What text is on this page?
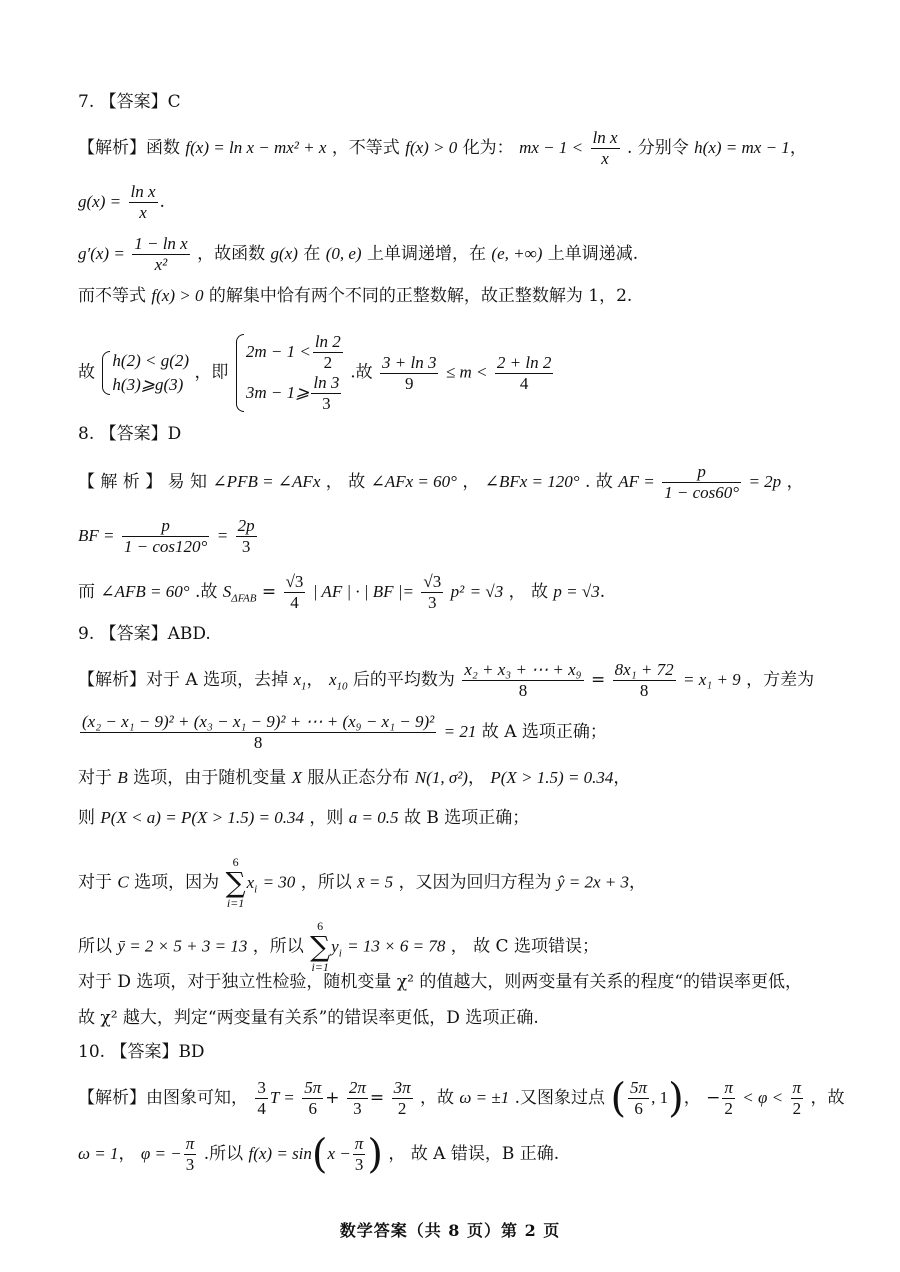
7. 【答案】C
【解析】函数 f(x) = ln x − mx² + x ，不等式 f(x) > 0 化为： mx − $1 < \frac{\text{ln x}}{x}$ . 分别令 h(x) = mx − 1，
$g(x) = \frac{\text{ln x}}{x}$ .
$g'(x) = \frac{\text{1 − ln x}}{\text{x²}}$ ，故函数 g(x) 在 (0, e) 上单调递增，在 (e, +∞) 上单调递减.
而不等式 f(x) > 0 的解集中恰有两个不同的正整数解，故正整数解为 1，2.
故
h(2) < g(2)
h(3)⩾g(3)
，即
$2m - 1 < \frac{\ln 2}{2}$
3m − 1⩾ $\frac{\ln 3}{3}$
.故 $\frac{3 + \ln 3}{9} \le m < \frac{2 + \ln 2}{4}$
8. 【答案】D
【 解 析 】 易 知 ∠PFB = ∠AFx ， 故 ∠AFx = 60° ， ∠BFx = 120° . 故 AF = $\frac{p}{1 - \cos 60^\circ} = 2p$ ，
BF = $\frac{p}{1 - \cos 120^\circ} = \frac{2p}{3}$
而 ∠AFB = 60° .故 $S_{\Delta FAB} = \frac{√3}{4}$ | AF | · | BF |= $\frac{√3}{3} p^2 = √3$ ， 故 p = √3.
9. 【答案】ABD.
【解析】对于 A 选项，去掉 $x_1$， $x_{10}$ 后的平均数为 $\frac{\text{x₂ + x₃ + ⋯ + x₉}}{8} = \frac{\text{8x₁ + 72}}{8} = x_1 + 9$ ，方差为
$\frac{\text{(x₂ − x₁ − 9)² + (x₃ − x₁ − 9)² + ⋯ + (x₉ − x₁ − 9)²}}{8} = 21$ 故 A 选项正确；
对于 B 选项，由于随机变量 X 服从正态分布 N(1, σ²)， P(X > 1.5) = 0.34，
则 P(X < a) = P(X > 1.5) = 0.34 ，则 a = 0.5 故 B 选项正确；
对于 C 选项，因为 6
∑
$i=1x_i = 30$ ，所以 x̄ = 5 ，又因为回归方程为 ŷ = 2x + 3，
所以 ȳ = 2 × 5 + 3 = 13 ，所以 6
∑
$i=1y_i = 13 \times 6 = 78$ ， 故 C 选项错误；
对于 D 选项，对于独立性检验，随机变量 χ² 的值越大，则两变量有关系的程度“的错误率更低，
故 χ² 越大，判定“两变量有关系”的错误率更低，D 选项正确.
10. 【答案】BD
【解析】由图象可知， $\frac{3}{4}$ $T = \frac{5\pi}{6} + \frac{2\pi}{3} = \frac{3\pi}{2}$ ，故 ω = ±1 .又图象过点 ( $\frac{5\pi}{6}$ , 1)， − $\frac{\pi}{2} < \varphi < \frac{\pi}{2}$ ，故
ω = 1， φ = − $\frac{\pi}{3}$ .所以 $f(x) = \sin(x - \frac{\pi}{3}$ ) ， 故 A 错误，B 正确.
数学答案（共 8 页）第 2 页
